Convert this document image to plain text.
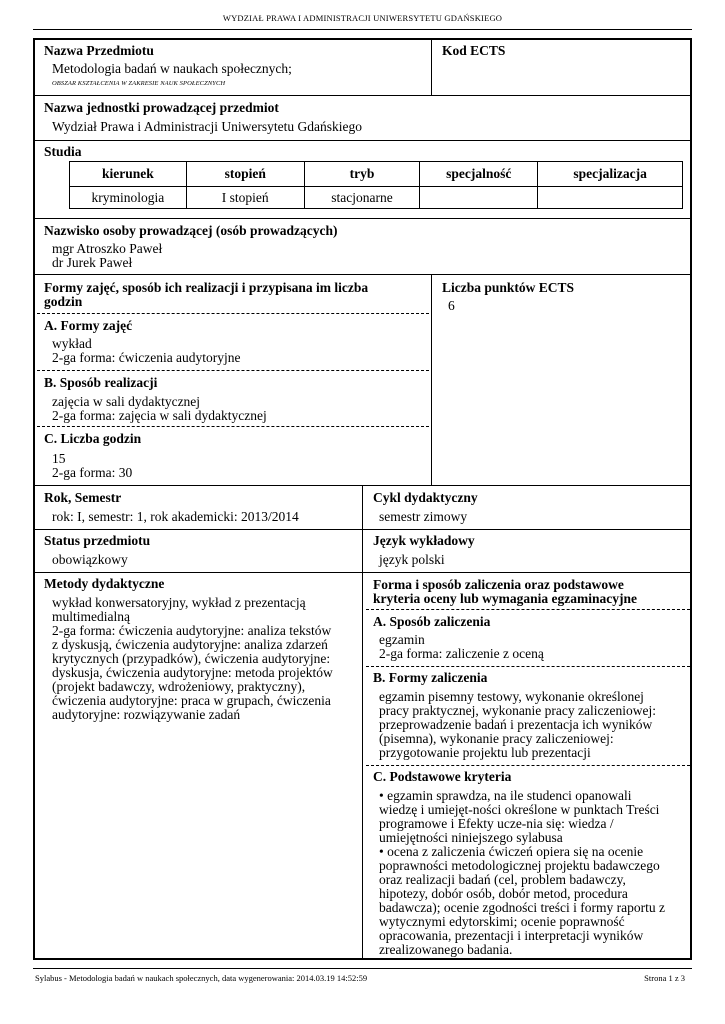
WYDZIAŁ PRAWA I ADMINISTRACJI UNIWERSYTETU GDAŃSKIEGO
Nazwa Przedmiotu
Metodologia badań w naukach społecznych;
OBSZAR KSZTAŁCENIA W ZAKRESIE NAUK SPOŁECZNYCH
Kod ECTS
Nazwa jednostki prowadzącej przedmiot
Wydział Prawa i Administracji Uniwersytetu Gdańskiego
Studia
kierunek	stopień	tryb	specjalność	specjalizacja
kryminologia	I stopień	stacjonarne		
Nazwisko osoby prowadzącej (osób prowadzących)
mgr Atroszko Paweł
dr Jurek Paweł
Formy zajęć, sposób ich realizacji i przypisana im liczba
godzin
A. Formy zajęć
wykład
2-ga forma: ćwiczenia audytoryjne
B. Sposób realizacji
zajęcia w sali dydaktycznej
2-ga forma: zajęcia w sali dydaktycznej
C. Liczba godzin
15
2-ga forma: 30
Liczba punktów ECTS
6
Rok, Semestr
rok: I, semestr: 1, rok akademicki: 2013/2014
Cykl dydaktyczny
semestr zimowy
Status przedmiotu
obowiązkowy
Język wykładowy
język polski
Metody dydaktyczne
wykład konwersatoryjny, wykład z prezentacją
multimedialną
2-ga forma: ćwiczenia audytoryjne: analiza tekstów
z dyskusją, ćwiczenia audytoryjne: analiza zdarzeń
krytycznych (przypadków), ćwiczenia audytoryjne:
dyskusja, ćwiczenia audytoryjne: metoda projektów
(projekt badawczy, wdrożeniowy, praktyczny),
ćwiczenia audytoryjne: praca w grupach, ćwiczenia
audytoryjne: rozwiązywanie zadań
Forma i sposób zaliczenia oraz podstawowe
kryteria oceny lub wymagania egzaminacyjne
A. Sposób zaliczenia
egzamin
2-ga forma: zaliczenie z oceną
B. Formy zaliczenia
egzamin pisemny testowy, wykonanie określonej
pracy praktycznej, wykonanie pracy zaliczeniowej:
przeprowadzenie badań i prezentacja ich wyników
(pisemna), wykonanie pracy zaliczeniowej:
przygotowanie projektu lub prezentacji
C. Podstawowe kryteria
• egzamin sprawdza, na ile studenci opanowali
wiedzę i umiejęt-ności określone w punktach Treści
programowe i Efekty ucze-nia się: wiedza /
umiejętności niniejszego sylabusa
• ocena z zaliczenia ćwiczeń opiera się na ocenie
poprawności metodologicznej projektu badawczego
oraz realizacji badań (cel, problem badawczy,
hipotezy, dobór osób, dobór metod, procedura
badawcza); ocenie zgodności treści i formy raportu z
wytycznymi edytorskimi; ocenie poprawność
opracowania, prezentacji i interpretacji wyników
zrealizowanego badania.
Sylabus - Metodologia badań w naukach społecznych, data wygenerowania: 2014.03.19 14:52:59	Strona 1 z 3
